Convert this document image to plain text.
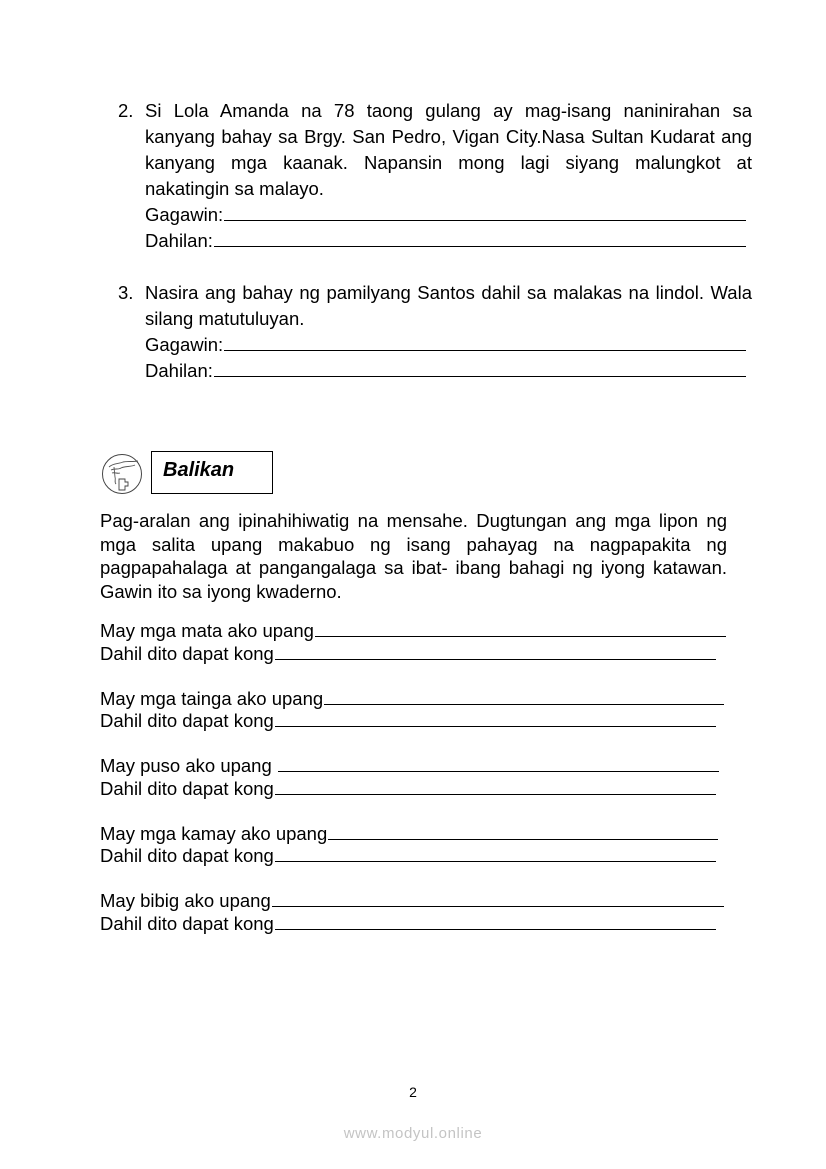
2. Si Lola Amanda na 78 taong gulang ay mag-isang naninirahan sa kanyang bahay sa Brgy. San Pedro, Vigan City.Nasa Sultan Kudarat ang kanyang mga kaanak. Napansin mong lagi siyang malungkot at nakatingin sa malayo.
Gagawin:
Dahilan:
3. Nasira ang bahay ng pamilyang Santos dahil sa malakas na lindol. Wala silang matutuluyan.
Gagawin:
Dahilan:
Balikan
Pag-aralan ang ipinahihiwatig na mensahe. Dugtungan ang mga lipon ng mga salita upang makabuo ng isang pahayag na nagpapakita ng pagpapahalaga at pangangalaga sa ibat- ibang bahagi ng iyong katawan. Gawin ito sa iyong kwaderno.
May mga mata ako upang
Dahil dito dapat kong
May mga tainga ako upang
Dahil dito dapat kong
May puso ako upang
Dahil dito dapat kong
May mga kamay ako upang
Dahil dito dapat kong
May bibig ako upang
Dahil dito dapat kong
2
www.modyul.online
